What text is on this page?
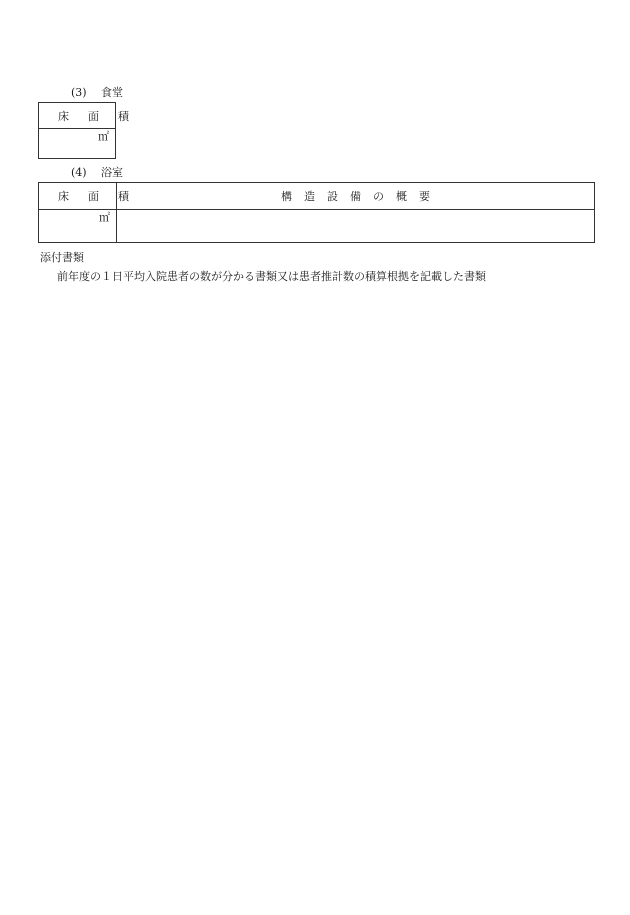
(3) 食堂
床面積
㎡
(4) 浴室
床面積	構造設備の概要
㎡	
添付書類
前年度の１日平均入院患者の数が分かる書類又は患者推計数の積算根拠を記載した書類
